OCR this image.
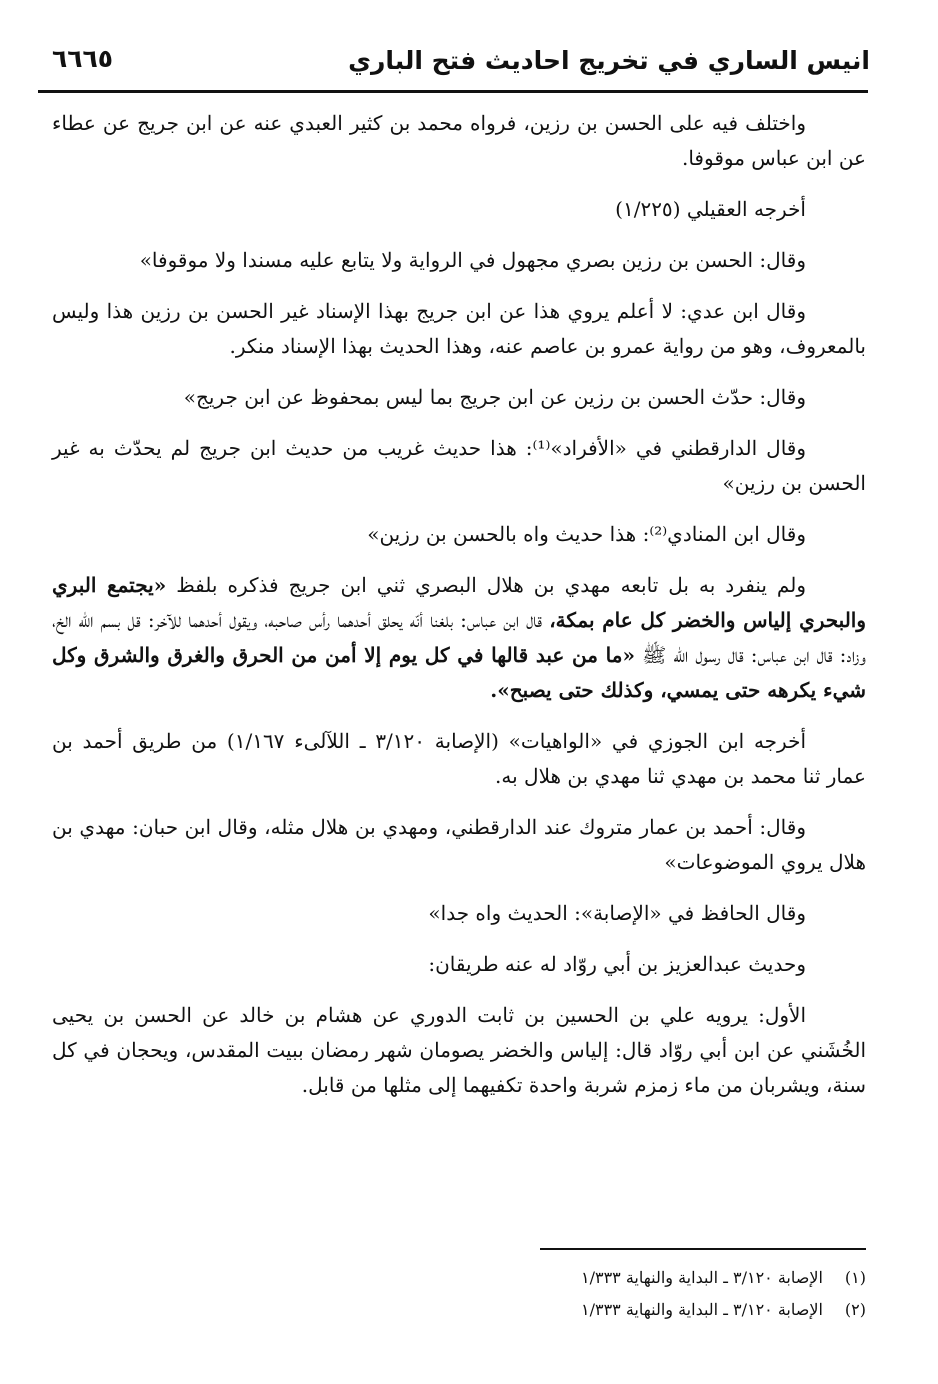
انيس الساري في تخريج احاديث فتح الباري
٦٦٦٥

واختلف فيه على الحسن بن رزين، فرواه محمد بن كثير العبدي عنه عن ابن جريج عن عطاء عن ابن عباس موقوفا.

أخرجه العقيلي (١/٢٢٥)

وقال: الحسن بن رزين بصري مجهول في الرواية ولا يتابع عليه مسندا ولا موقوفا»

وقال ابن عدي: لا أعلم يروي هذا عن ابن جريج بهذا الإسناد غير الحسن بن رزين هذا وليس بالمعروف، وهو من رواية عمرو بن عاصم عنه، وهذا الحديث بهذا الإسناد منكر.

وقال: حدّث الحسن بن رزين عن ابن جريج بما ليس بمحفوظ عن ابن جريج»

وقال الدارقطني في «الأفراد»⁽¹⁾: هذا حديث غريب من حديث ابن جريج لم يحدّث به غير الحسن بن رزين»

وقال ابن المنادي⁽²⁾: هذا حديث واه بالحسن بن رزين»

ولم ينفرد به بل تابعه مهدي بن هلال البصري ثني ابن جريج فذكره بلفظ «يجتمع البري والبحري إلياس والخضر كل عام بمكة، قال ابن عباس: بلغنا أنّه يحلق أحدهما رأس صاحبه، ويقول أحدهما للآخر: قل بسم الله الخ، وزاد: قال ابن عباس: قال رسول الله ﷺ «ما من عبد قالها في كل يوم إلا أمن من الحرق والغرق والشرق وكل شيء يكرهه حتى يمسي، وكذلك حتى يصبح».

أخرجه ابن الجوزي في «الواهيات» (الإصابة ٣/١٢٠ ـ اللآلىء ١/١٦٧) من طريق أحمد بن عمار ثنا محمد بن مهدي ثنا مهدي بن هلال به.

وقال: أحمد بن عمار متروك عند الدارقطني، ومهدي بن هلال مثله، وقال ابن حبان: مهدي بن هلال يروي الموضوعات»

وقال الحافظ في «الإصابة»: الحديث واه جدا»

وحديث عبدالعزيز بن أبي روّاد له عنه طريقان:

الأول: يرويه علي بن الحسين بن ثابت الدوري عن هشام بن خالد عن الحسن بن يحيى الخُشَني عن ابن أبي روّاد قال: إلياس والخضر يصومان شهر رمضان ببيت المقدس، ويحجان في كل سنة، ويشربان من ماء زمزم شربة واحدة تكفيهما إلى مثلها من قابل.

(١)الإصابة ٣/١٢٠ ـ البداية والنهاية ١/٣٣٣
(٢)الإصابة ٣/١٢٠ ـ البداية والنهاية ١/٣٣٣
